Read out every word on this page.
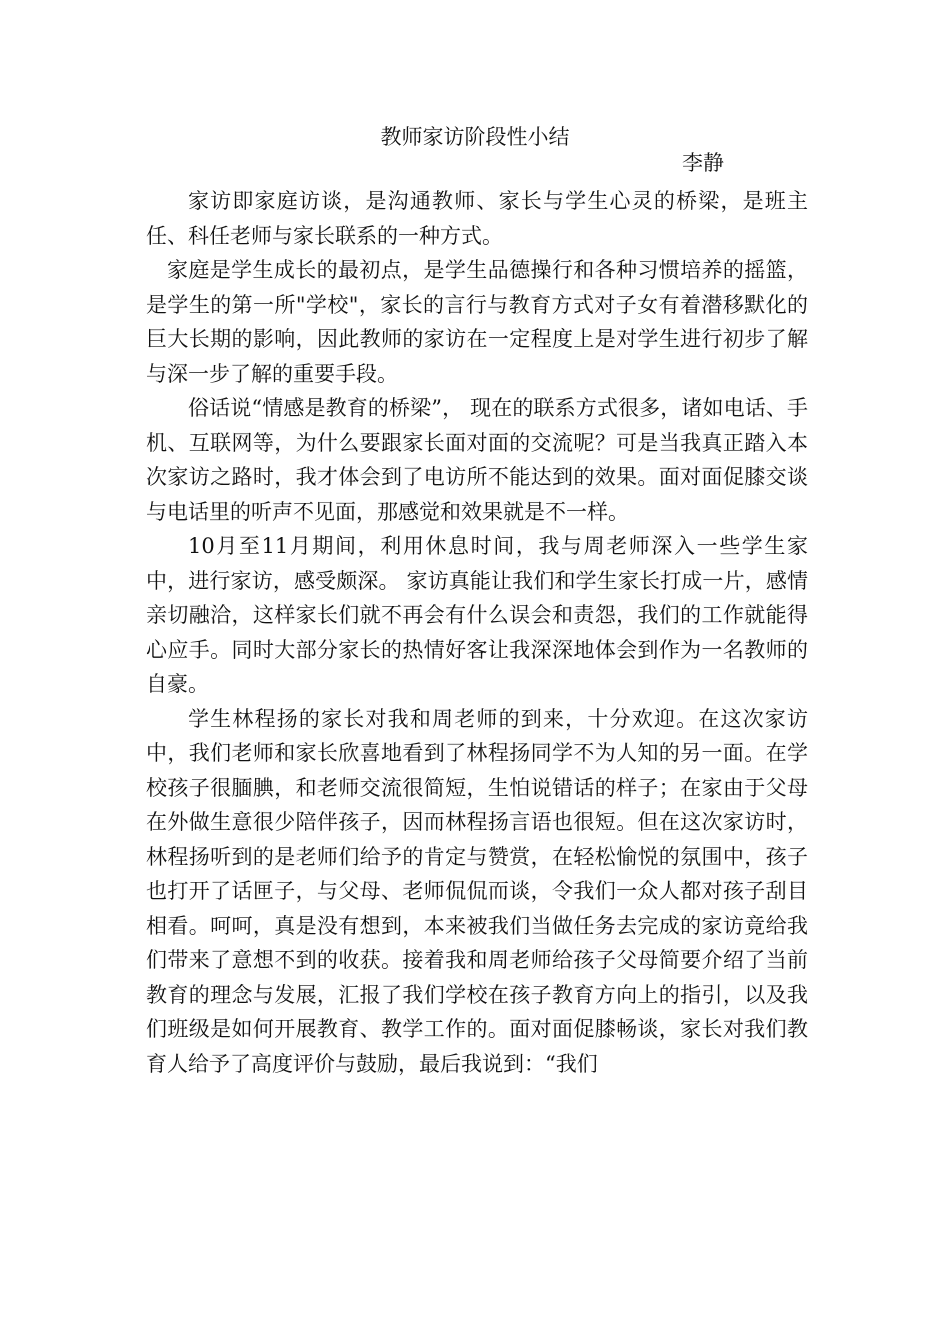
教师家访阶段性小结
李静

家访即家庭访谈，是沟通教师、家长与学生心灵的桥梁，是班主任、科任老师与家长联系的一种方式。

家庭是学生成长的最初点，是学生品德操行和各种习惯培养的摇篮，是学生的第一所"学校"，家长的言行与教育方式对子女有着潜移默化的巨大长期的影响，因此教师的家访在一定程度上是对学生进行初步了解与深一步了解的重要手段。

俗话说“情感是教育的桥梁”， 现在的联系方式很多，诸如电话、手机、互联网等，为什么要跟家长面对面的交流呢？可是当我真正踏入本次家访之路时，我才体会到了电访所不能达到的效果。面对面促膝交谈与电话里的听声不见面，那感觉和效果就是不一样。

10月至11月期间，利用休息时间，我与周老师深入一些学生家中，进行家访，感受颇深。 家访真能让我们和学生家长打成一片，感情亲切融洽，这样家长们就不再会有什么误会和责怨，我们的工作就能得心应手。同时大部分家长的热情好客让我深深地体会到作为一名教师的自豪。

学生林程扬的家长对我和周老师的到来，十分欢迎。在这次家访中，我们老师和家长欣喜地看到了林程扬同学不为人知的另一面。在学校孩子很腼腆，和老师交流很简短，生怕说错话的样子；在家由于父母在外做生意很少陪伴孩子，因而林程扬言语也很短。但在这次家访时，林程扬听到的是老师们给予的肯定与赞赏，在轻松愉悦的氛围中，孩子也打开了话匣子，与父母、老师侃侃而谈，令我们一众人都对孩子刮目相看。呵呵，真是没有想到，本来被我们当做任务去完成的家访竟给我们带来了意想不到的收获。接着我和周老师给孩子父母简要介绍了当前教育的理念与发展，汇报了我们学校在孩子教育方向上的指引，以及我们班级是如何开展教育、教学工作的。面对面促膝畅谈，家长对我们教育人给予了高度评价与鼓励，最后我说到：“我们
